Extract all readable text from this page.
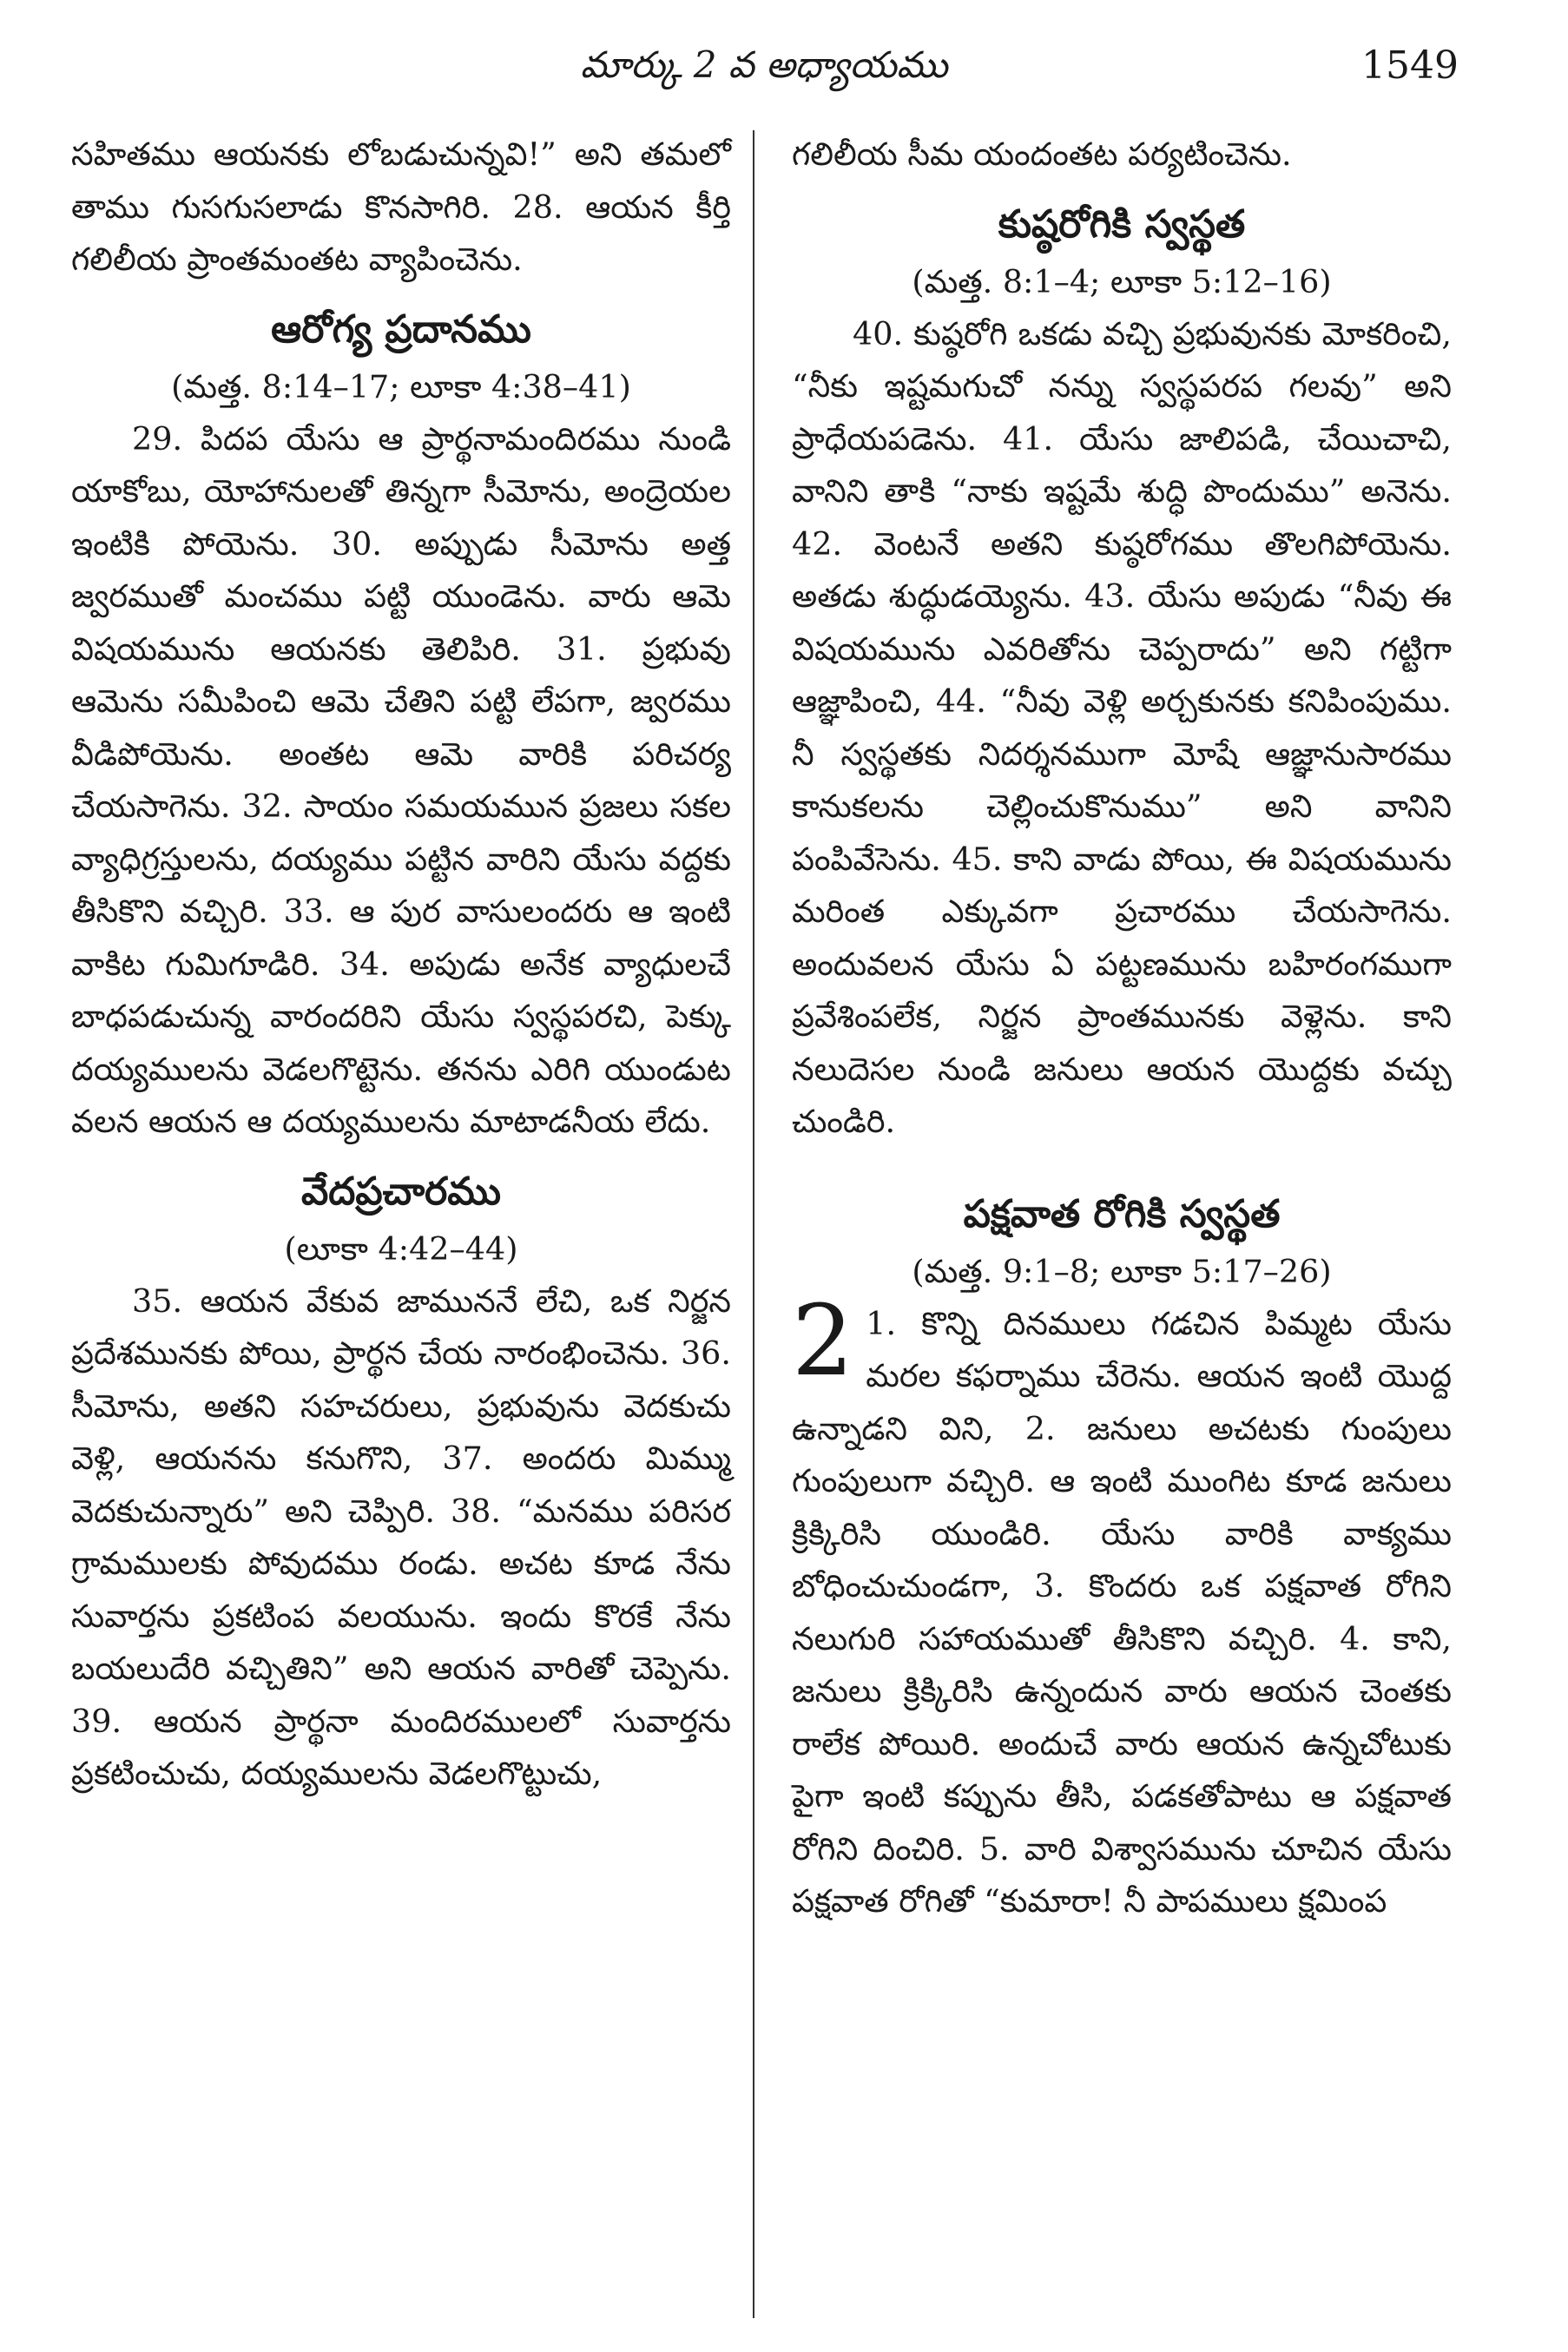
మార్కు 2 వ అధ్యాయము	1549

సహితము ఆయనకు లోబడుచున్నవి!” అని తమలో తాము గుసగుసలాడు కొనసాగిరి. 28. ఆయన కీర్తి గలిలీయ ప్రాంతమంతట వ్యాపించెను.

ఆరోగ్య ప్రదానము
(మత్త. 8:14–17; లూకా 4:38–41)

29. పిదప యేసు ఆ ప్రార్థనామందిరము నుండి యాకోబు, యోహానులతో తిన్నగా సీమోను, అంద్రెయల ఇంటికి పోయెను. 30. అప్పుడు సీమోను అత్త జ్వరముతో మంచము పట్టి యుండెను. వారు ఆమె విషయమును ఆయనకు తెలిపిరి. 31. ప్రభువు ఆమెను సమీపించి ఆమె చేతిని పట్టి లేపగా, జ్వరము వీడిపోయెను. అంతట ఆమె వారికి పరిచర్య చేయసాగెను. 32. సాయం సమయమున ప్రజలు సకల వ్యాధిగ్రస్తులను, దయ్యము పట్టిన వారిని యేసు వద్దకు తీసికొని వచ్చిరి. 33. ఆ పుర వాసులందరు ఆ ఇంటి వాకిట గుమిగూడిరి. 34. అపుడు అనేక వ్యాధులచే బాధపడుచున్న వారందరిని యేసు స్వస్థపరచి, పెక్కు దయ్యములను వెడలగొట్టెను. తనను ఎరిగి యుండుట వలన ఆయన ఆ దయ్యములను మాటాడనీయ లేదు.

వేదప్రచారము
(లూకా 4:42–44)

35. ఆయన వేకువ జాముననే లేచి, ఒక నిర్జన ప్రదేశమునకు పోయి, ప్రార్థన చేయ నారంభించెను. 36. సీమోను, అతని సహచరులు, ప్రభువును వెదకుచు వెళ్లి, ఆయనను కనుగొని, 37. అందరు మిమ్ము వెదకుచున్నారు” అని చెప్పిరి. 38. “మనము పరిసర గ్రామములకు పోవుదము రండు. అచట కూడ నేను సువార్తను ప్రకటింప వలయును. ఇందు కొరకే నేను బయలుదేరి వచ్చితిని” అని ఆయన వారితో చెప్పెను. 39. ఆయన ప్రార్థనా మందిరములలో సువార్తను ప్రకటించుచు, దయ్యములను వెడలగొట్టుచు,

గలిలీయ సీమ యందంతట పర్యటించెను.

కుష్ఠరోగికి స్వస్థత
(మత్త. 8:1–4; లూకా 5:12–16)

40. కుష్ఠరోగి ఒకడు వచ్చి ప్రభువునకు మోకరించి, “నీకు ఇష్టమగుచో నన్ను స్వస్థపరప గలవు” అని ప్రాధేయపడెను. 41. యేసు జాలిపడి, చేయిచాచి, వానిని తాకి “నాకు ఇష్టమే శుద్ధి పొందుము” అనెను. 42. వెంటనే అతని కుష్ఠరోగము తొలగిపోయెను. అతడు శుద్ధుడయ్యెను. 43. యేసు అపుడు “నీవు ఈ విషయమును ఎవరితోను చెప్పరాదు” అని గట్టిగా ఆజ్ఞాపించి, 44. “నీవు వెళ్లి అర్చకునకు కనిపింపుము. నీ స్వస్థతకు నిదర్శనముగా మోషే ఆజ్ఞానుసారము కానుకలను చెల్లించుకొనుము” అని వానిని పంపివేసెను. 45. కాని వాడు పోయి, ఈ విషయమును మరింత ఎక్కువగా ప్రచారము చేయసాగెను. అందువలన యేసు ఏ పట్టణమును బహిరంగముగా ప్రవేశింపలేక, నిర్జన ప్రాంతమునకు వెళ్లెను. కాని నలుదెసల నుండి జనులు ఆయన యొద్దకు వచ్చు చుండిరి.

పక్షవాత రోగికి స్వస్థత
(మత్త. 9:1–8; లూకా 5:17–26)

2 1. కొన్ని దినములు గడచిన పిమ్మట యేసు మరల కఫర్నాము చేరెను. ఆయన ఇంటి యొద్ద ఉన్నాడని విని, 2. జనులు అచటకు గుంపులు గుంపులుగా వచ్చిరి. ఆ ఇంటి ముంగిట కూడ జనులు క్రిక్కిరిసి యుండిరి. యేసు వారికి వాక్యము బోధించుచుండగా, 3. కొందరు ఒక పక్షవాత రోగిని నలుగురి సహాయముతో తీసికొని వచ్చిరి. 4. కాని, జనులు క్రిక్కిరిసి ఉన్నందున వారు ఆయన చెంతకు రాలేక పోయిరి. అందుచే వారు ఆయన ఉన్నచోటుకు పైగా ఇంటి కప్పును తీసి, పడకతోపాటు ఆ పక్షవాత రోగిని దించిరి. 5. వారి విశ్వాసమును చూచిన యేసు పక్షవాత రోగితో “కుమారా! నీ పాపములు క్షమింప
